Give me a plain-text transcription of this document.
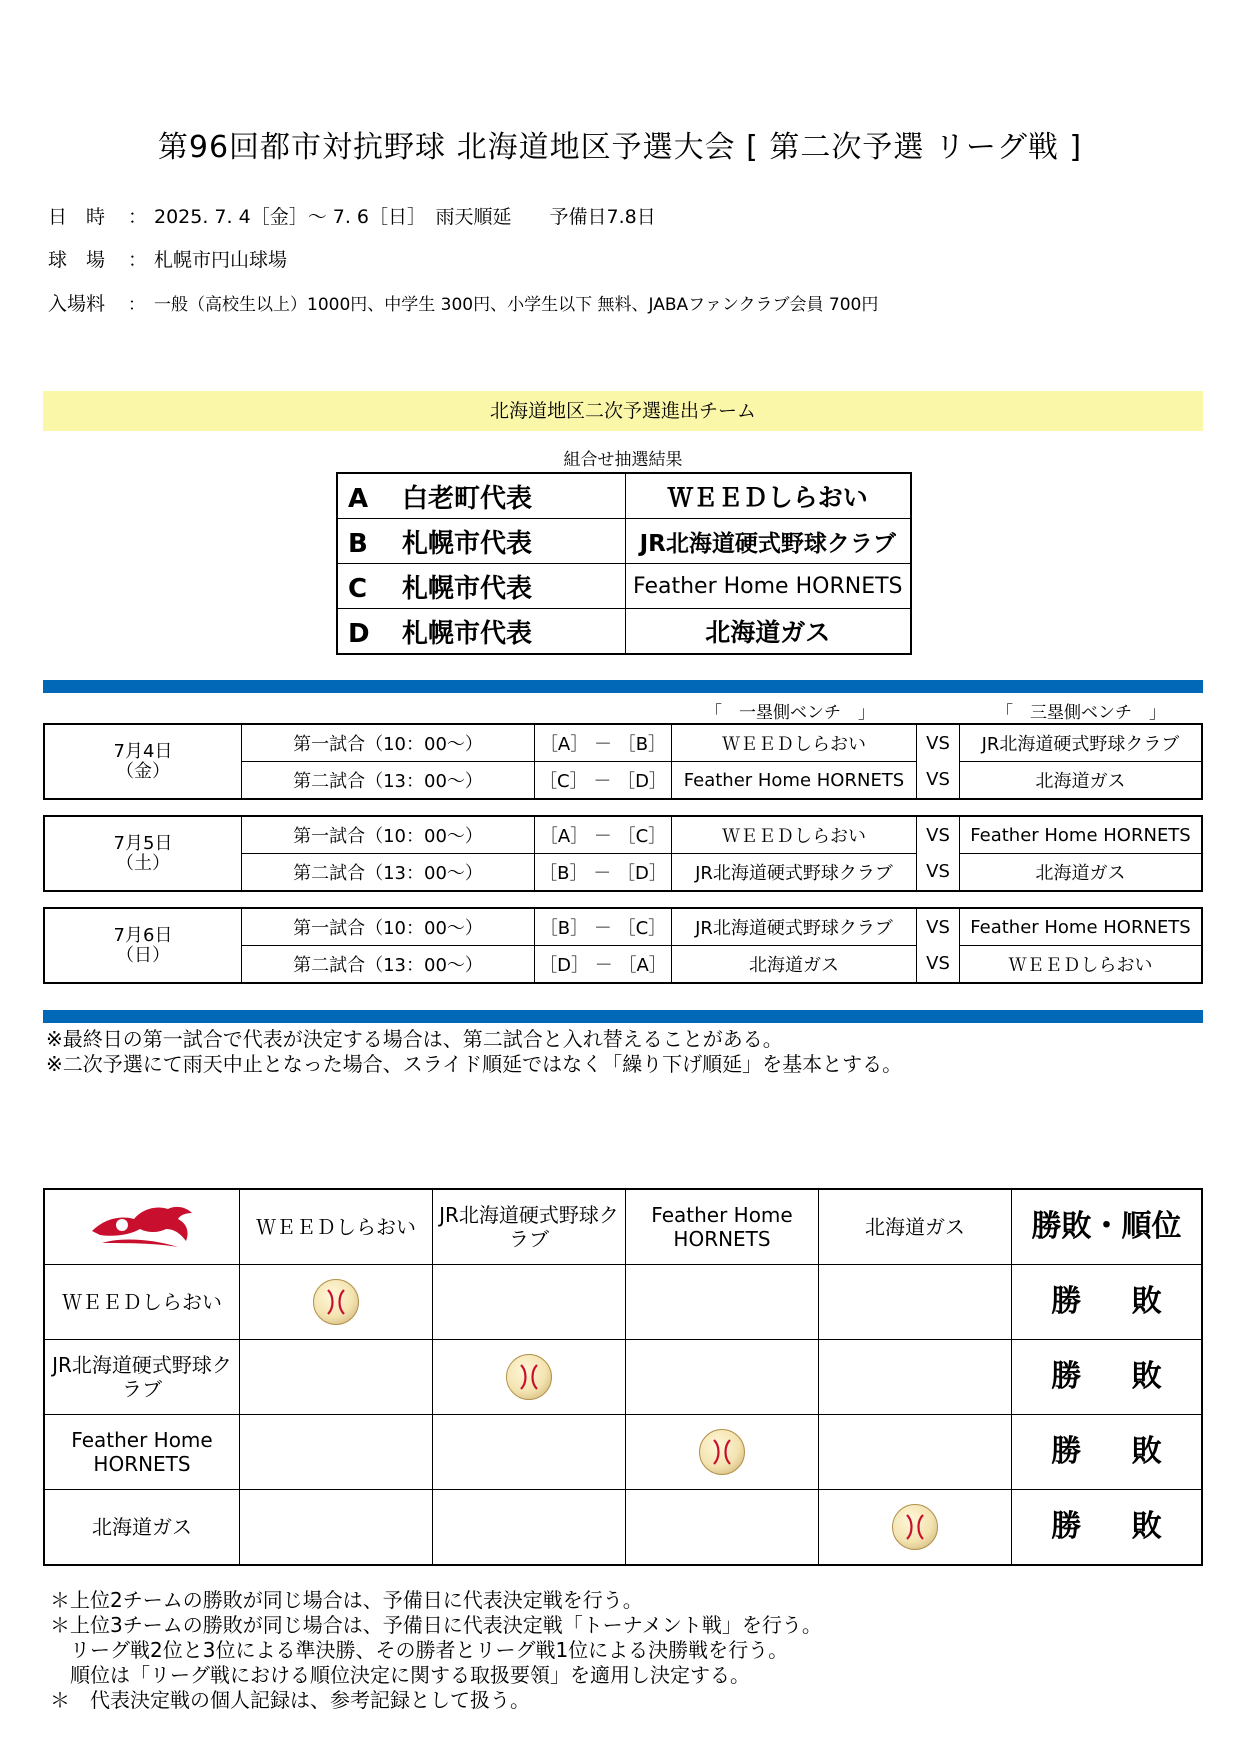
第96回都市対抗野球 北海道地区予選大会 [ 第二次予選 リーグ戦 ]
日　時 ： 2025. 7. 4［金］～ 7. 6［日］　雨天順延　　予備日7.8日
球　場 ： 札幌市円山球場
入場料 ： 一般（高校生以上）1000円、中学生 300円、小学生以下 無料、JABAファンクラブ会員 700円
北海道地区二次予選進出チーム
組合せ抽選結果
A 白老町代表	ＷＥＥＤしらおい
B 札幌市代表	JR北海道硬式野球クラブ
C 札幌市代表	Feather Home HORNETS
D 札幌市代表	北海道ガス
「　一塁側ベンチ　」	「　三塁側ベンチ　」
7月4日
（金）	第一試合（10：00～）	［A］ － ［B］	ＷＥＥＤしらおい	VS	JR北海道硬式野球クラブ
	第二試合（13：00～）	［C］ － ［D］	Feather Home HORNETS	VS	北海道ガス
7月5日
（土）	第一試合（10：00～）	［A］ － ［C］	ＷＥＥＤしらおい	VS	Feather Home HORNETS
	第二試合（13：00～）	［B］ － ［D］	JR北海道硬式野球クラブ	VS	北海道ガス
7月6日
（日）	第一試合（10：00～）	［B］ － ［C］	JR北海道硬式野球クラブ	VS	Feather Home HORNETS
	第二試合（13：00～）	［D］ － ［A］	北海道ガス	VS	ＷＥＥＤしらおい
※最終日の第一試合で代表が決定する場合は、第二試合と入れ替えることがある。
※二次予選にて雨天中止となった場合、スライド順延ではなく「繰り下げ順延」を基本とする。
	ＷＥＥＤしらおい	JR北海道硬式野球クラブ	Feather Home HORNETS	北海道ガス	勝敗・順位
ＷＥＥＤしらおい					勝 敗
JR北海道硬式野球クラブ					勝 敗
Feather Home HORNETS					勝 敗
北海道ガス					勝 敗
＊上位2チームの勝敗が同じ場合は、予備日に代表決定戦を行う。
＊上位3チームの勝敗が同じ場合は、予備日に代表決定戦「トーナメント戦」を行う。
　リーグ戦2位と3位による準決勝、その勝者とリーグ戦1位による決勝戦を行う。
　順位は「リーグ戦における順位決定に関する取扱要領」を適用し決定する。
＊　代表決定戦の個人記録は、参考記録として扱う。
